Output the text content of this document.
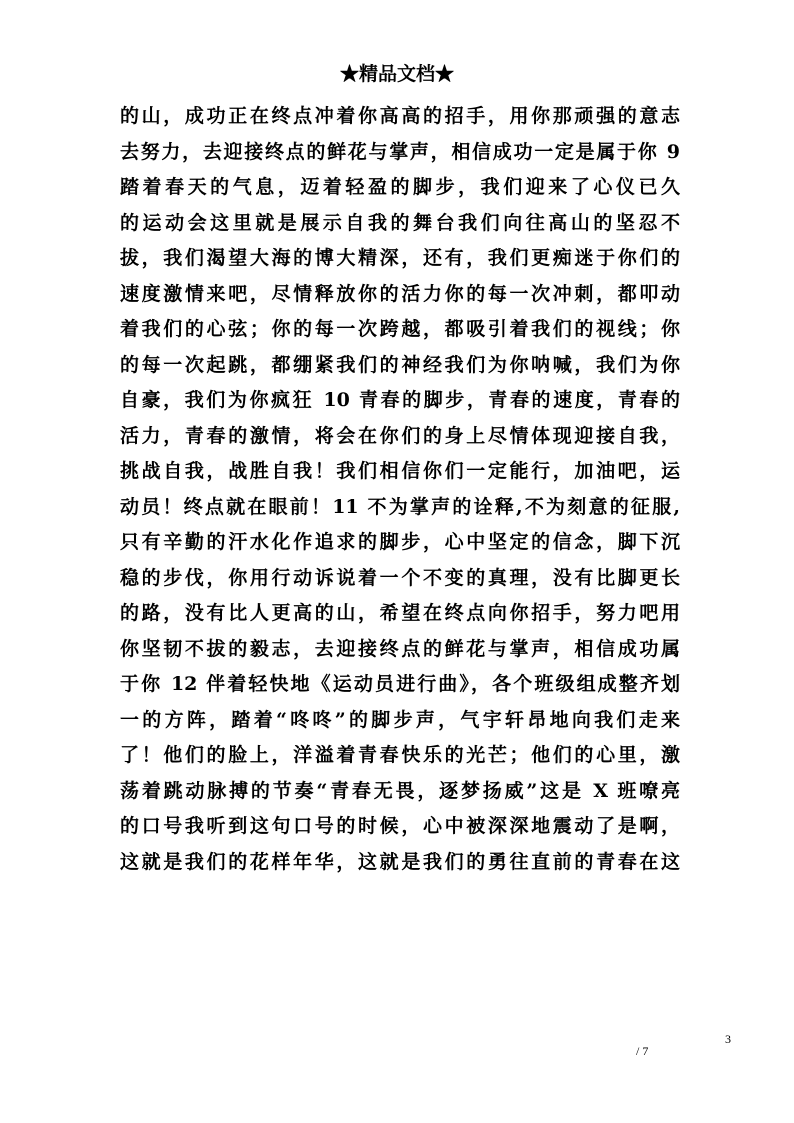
★精品文档★
的山，成功正在终点冲着你高高的招手，用你那顽强的意志
去努力，去迎接终点的鲜花与掌声，相信成功一定是属于你 9
踏着春天的气息，迈着轻盈的脚步，我们迎来了心仪已久
的运动会这里就是展示自我的舞台我们向往高山的坚忍不
拔，我们渴望大海的博大精深，还有，我们更痴迷于你们的
速度激情来吧，尽情释放你的活力你的每一次冲刺，都叩动
着我们的心弦；你的每一次跨越，都吸引着我们的视线；你
的每一次起跳，都绷紧我们的神经我们为你呐喊，我们为你
自豪，我们为你疯狂 10 青春的脚步，青春的速度，青春的
活力，青春的激情，将会在你们的身上尽情体现迎接自我，
挑战自我，战胜自我！我们相信你们一定能行，加油吧，运
动员！终点就在眼前！11 不为掌声的诠释,不为刻意的征服,
只有辛勤的汗水化作追求的脚步，心中坚定的信念，脚下沉
稳的步伐，你用行动诉说着一个不变的真理，没有比脚更长
的路，没有比人更高的山，希望在终点向你招手，努力吧用
你坚韧不拔的毅志，去迎接终点的鲜花与掌声，相信成功属
于你 12 伴着轻快地《运动员进行曲》，各个班级组成整齐划
一的方阵，踏着“咚咚”的脚步声，气宇轩昂地向我们走来
了！他们的脸上，洋溢着青春快乐的光芒；他们的心里，激
荡着跳动脉搏的节奏“青春无畏，逐梦扬威”这是 X 班嘹亮
的口号我听到这句口号的时候，心中被深深地震动了是啊，
这就是我们的花样年华，这就是我们的勇往直前的青春在这
3
/ 7
